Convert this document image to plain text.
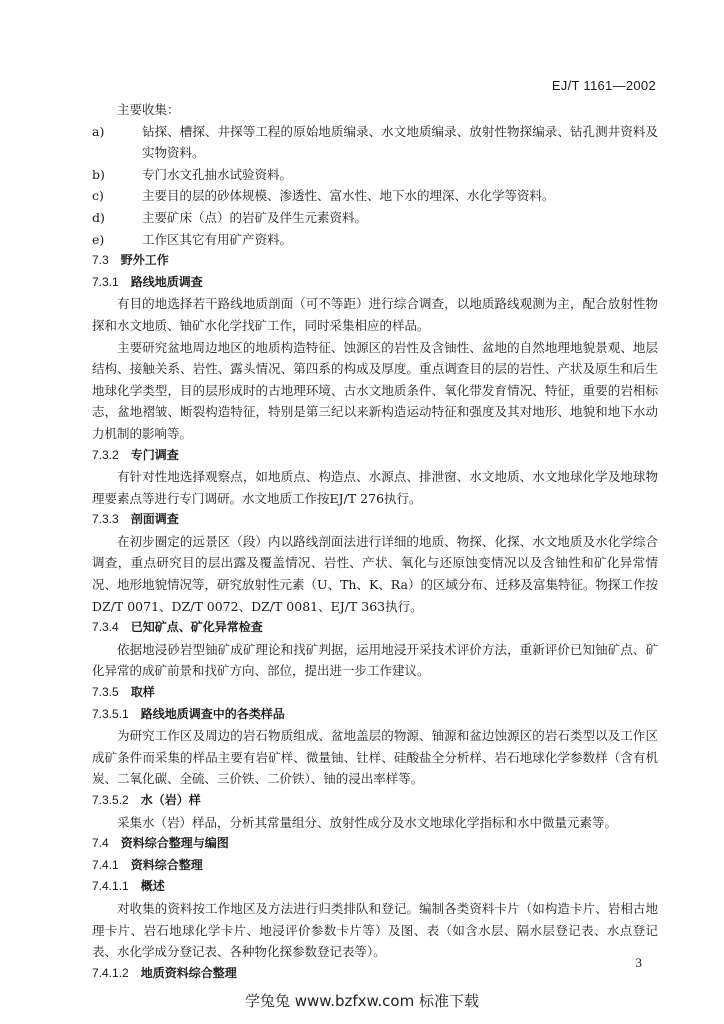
EJ/T 1161—2002

主要收集：

a)	钻探、槽探、井探等工程的原始地质编录、水文地质编录、放射性物探编录、钻孔测井资料及实物资料。

b)	专门水文孔抽水试验资料。

c)	主要目的层的砂体规模、渗透性、富水性、地下水的埋深、水化学等资料。

d)	主要矿床（点）的岩矿及伴生元素资料。

e)	工作区其它有用矿产资料。

7.3 野外工作

7.3.1 路线地质调查

有目的地选择若干路线地质剖面（可不等距）进行综合调查，以地质路线观测为主，配合放射性物探和水文地质、铀矿水化学找矿工作，同时采集相应的样品。

主要研究盆地周边地区的地质构造特征、蚀源区的岩性及含铀性、盆地的自然地理地貌景观、地层结构、接触关系、岩性、露头情况、第四系的构成及厚度。重点调查目的层的岩性、产状及原生和后生地球化学类型，目的层形成时的古地理环境、古水文地质条件、氧化带发育情况、特征，重要的岩相标志，盆地褶皱、断裂构造特征，特别是第三纪以来新构造运动特征和强度及其对地形、地貌和地下水动力机制的影响等。

7.3.2 专门调查

有针对性地选择观察点，如地质点、构造点、水源点、排泄窗、水文地质、水文地球化学及地球物理要素点等进行专门调研。水文地质工作按EJ/T 276执行。

7.3.3 剖面调查

在初步圈定的远景区（段）内以路线剖面法进行详细的地质、物探、化探、水文地质及水化学综合调查，重点研究目的层出露及覆盖情况、岩性、产状、氧化与还原蚀变情况以及含铀性和矿化异常情况、地形地貌情况等，研究放射性元素（U、Th、K、Ra）的区域分布、迁移及富集特征。物探工作按DZ/T 0071、DZ/T 0072、DZ/T 0081、EJ/T 363执行。

7.3.4 已知矿点、矿化异常检查

依据地浸砂岩型铀矿成矿理论和找矿判据，运用地浸开采技术评价方法，重新评价已知铀矿点、矿化异常的成矿前景和找矿方向、部位，提出进一步工作建议。

7.3.5 取样

7.3.5.1 路线地质调查中的各类样品

为研究工作区及周边的岩石物质组成、盆地盖层的物源、铀源和盆边蚀源区的岩石类型以及工作区成矿条件而采集的样品主要有岩矿样、微量铀、钍样、硅酸盐全分析样、岩石地球化学参数样（含有机炭、二氧化碳、全硫、三价铁、二价铁）、铀的浸出率样等。

7.3.5.2 水（岩）样

采集水（岩）样品，分析其常量组分、放射性成分及水文地球化学指标和水中微量元素等。

7.4 资料综合整理与编图

7.4.1 资料综合整理

7.4.1.1 概述

对收集的资料按工作地区及方法进行归类排队和登记。编制各类资料卡片（如构造卡片、岩相古地理卡片、岩石地球化学卡片、地浸评价参数卡片等）及图、表（如含水层、隔水层登记表、水点登记表、水化学成分登记表、各种物化探参数登记表等）。

7.4.1.2 地质资料综合整理

3
学兔兔 www.bzfxw.com 标准下载
